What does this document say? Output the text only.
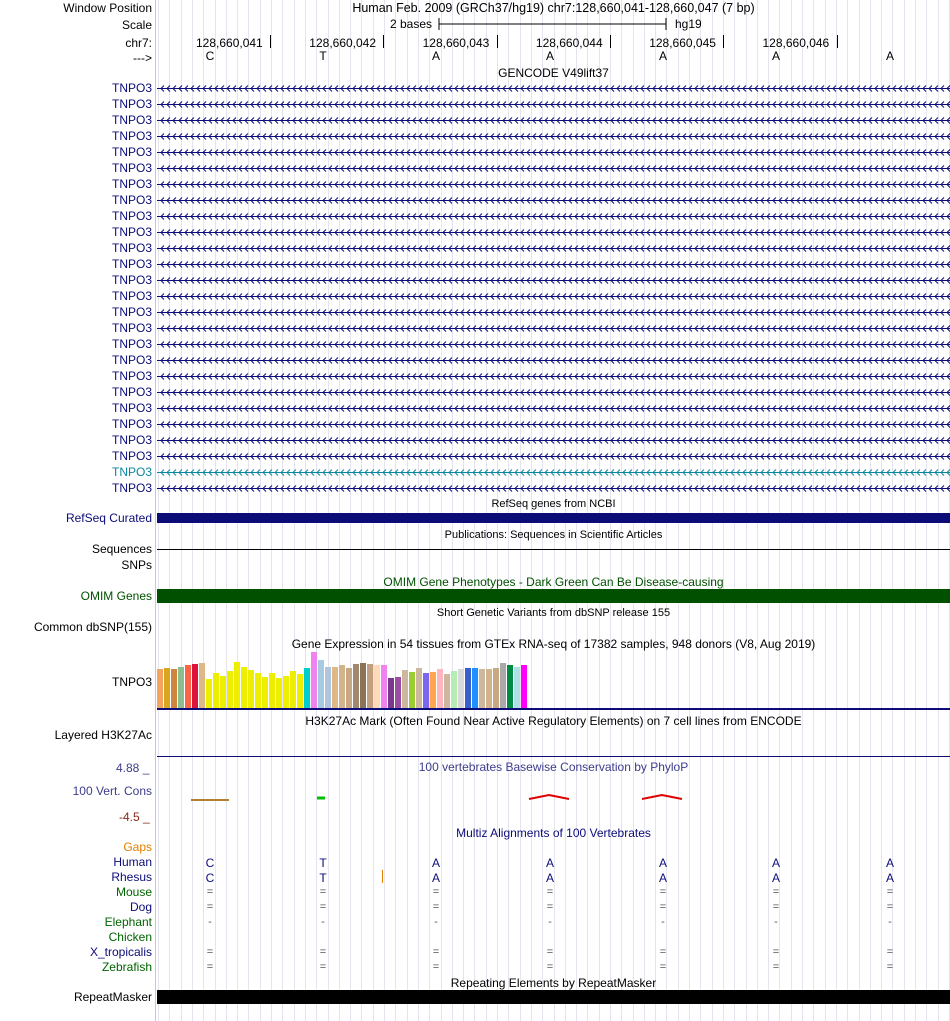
Window Position	Human Feb. 2009 (GRCh37/hg19) chr7:128,660,041-128,660,047 (7 bp)
Scale	2 bases	hg19
chr7:	128,660,041	128,660,042	128,660,043	128,660,044	128,660,045	128,660,046
--->	C	T	A	A	A	A	A
GENCODE V49lift37
TNPO3
TNPO3
TNPO3
TNPO3
TNPO3
TNPO3
TNPO3
TNPO3
TNPO3
TNPO3
TNPO3
TNPO3
TNPO3
TNPO3
TNPO3
TNPO3
TNPO3
TNPO3
TNPO3
TNPO3
TNPO3
TNPO3
TNPO3
TNPO3
TNPO3
TNPO3
RefSeq genes from NCBI
RefSeq Curated
Publications: Sequences in Scientific Articles
Sequences
SNPs
OMIM Gene Phenotypes - Dark Green Can Be Disease-causing
OMIM Genes
Short Genetic Variants from dbSNP release 155
Common dbSNP(155)
Gene Expression in 54 tissues from GTEx RNA-seq of 17382 samples, 948 donors (V8, Aug 2019)
TNPO3
H3K27Ac Mark (Often Found Near Active Regulatory Elements) on 7 cell lines from ENCODE
Layered H3K27Ac
4.88 _	100 vertebrates Basewise Conservation by PhyloP
100 Vert. Cons
-4.5 _
Multiz Alignments of 100 Vertebrates
Gaps
Human	C	T	A	A	A	A	A
Rhesus	C	T	A	A	A	A	A
Mouse	=	=	=	=	=	=	=
Dog	=	=	=	=	=	=	=
Elephant	-	-	-	-	-	-	-
Chicken
X_tropicalis	=	=	=	=	=	=	=
Zebrafish	=	=	=	=	=	=	=
Repeating Elements by RepeatMasker
RepeatMasker
